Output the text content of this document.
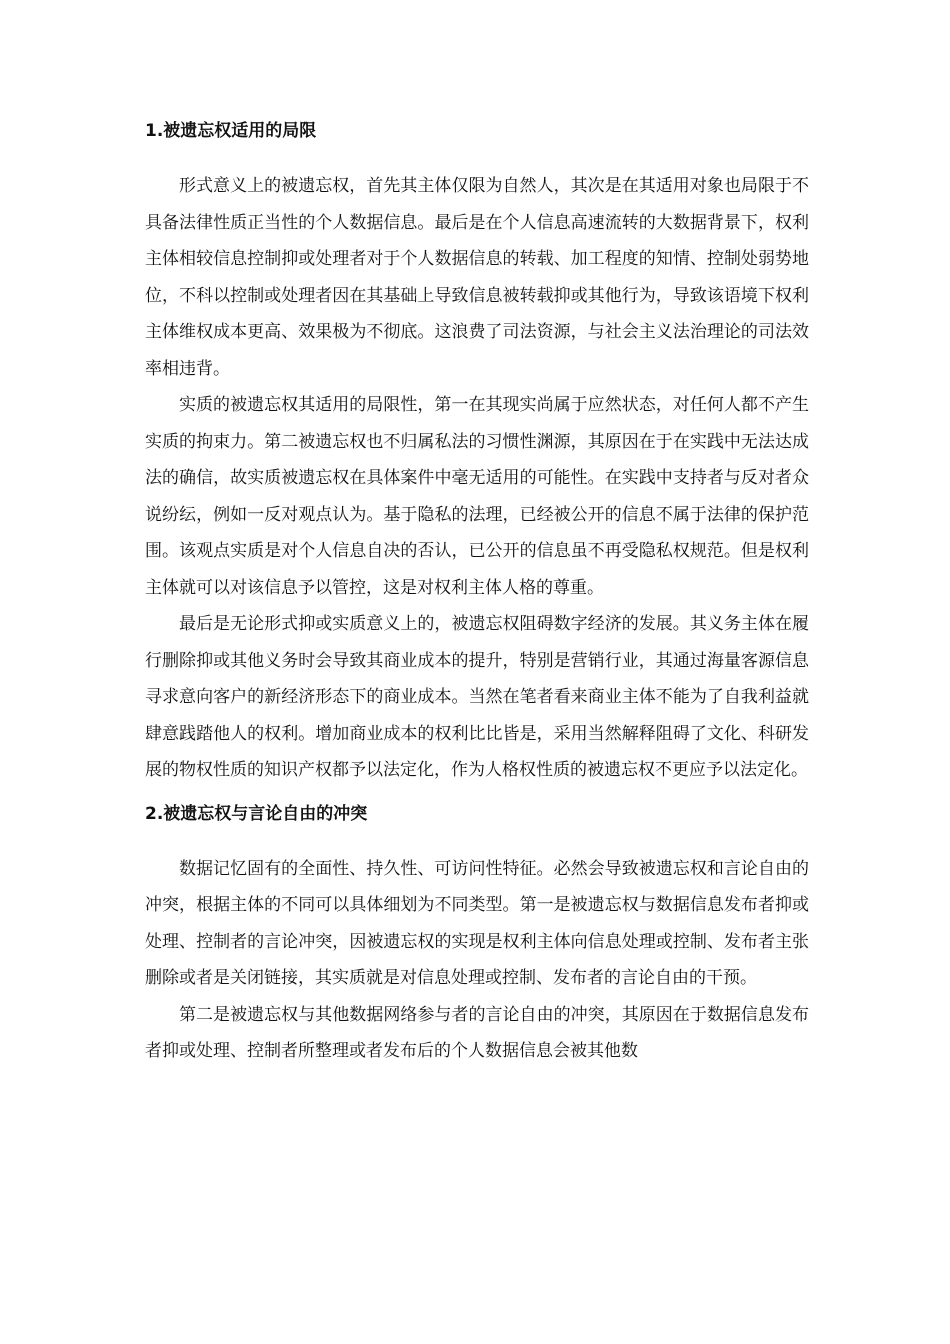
1.被遗忘权适用的局限

形式意义上的被遗忘权，首先其主体仅限为自然人，其次是在其适用对象也局限于不具备法律性质正当性的个人数据信息。最后是在个人信息高速流转的大数据背景下，权利主体相较信息控制抑或处理者对于个人数据信息的转载、加工程度的知情、控制处弱势地位，不科以控制或处理者因在其基础上导致信息被转载抑或其他行为，导致该语境下权利主体维权成本更高、效果极为不彻底。这浪费了司法资源，与社会主义法治理论的司法效率相违背。

实质的被遗忘权其适用的局限性，第一在其现实尚属于应然状态，对任何人都不产生实质的拘束力。第二被遗忘权也不归属私法的习惯性渊源，其原因在于在实践中无法达成法的确信，故实质被遗忘权在具体案件中毫无适用的可能性。在实践中支持者与反对者众说纷纭，例如一反对观点认为。基于隐私的法理，已经被公开的信息不属于法律的保护范围。该观点实质是对个人信息自决的否认，已公开的信息虽不再受隐私权规范。但是权利主体就可以对该信息予以管控，这是对权利主体人格的尊重。

最后是无论形式抑或实质意义上的，被遗忘权阻碍数字经济的发展。其义务主体在履行删除抑或其他义务时会导致其商业成本的提升，特别是营销行业，其通过海量客源信息寻求意向客户的新经济形态下的商业成本。当然在笔者看来商业主体不能为了自我利益就肆意践踏他人的权利。增加商业成本的权利比比皆是，采用当然解释阻碍了文化、科研发展的物权性质的知识产权都予以法定化，作为人格权性质的被遗忘权不更应予以法定化。

2.被遗忘权与言论自由的冲突

数据记忆固有的全面性、持久性、可访问性特征。必然会导致被遗忘权和言论自由的冲突，根据主体的不同可以具体细划为不同类型。第一是被遗忘权与数据信息发布者抑或处理、控制者的言论冲突，因被遗忘权的实现是权利主体向信息处理或控制、发布者主张删除或者是关闭链接，其实质就是对信息处理或控制、发布者的言论自由的干预。

第二是被遗忘权与其他数据网络参与者的言论自由的冲突，其原因在于数据信息发布者抑或处理、控制者所整理或者发布后的个人数据信息会被其他数
